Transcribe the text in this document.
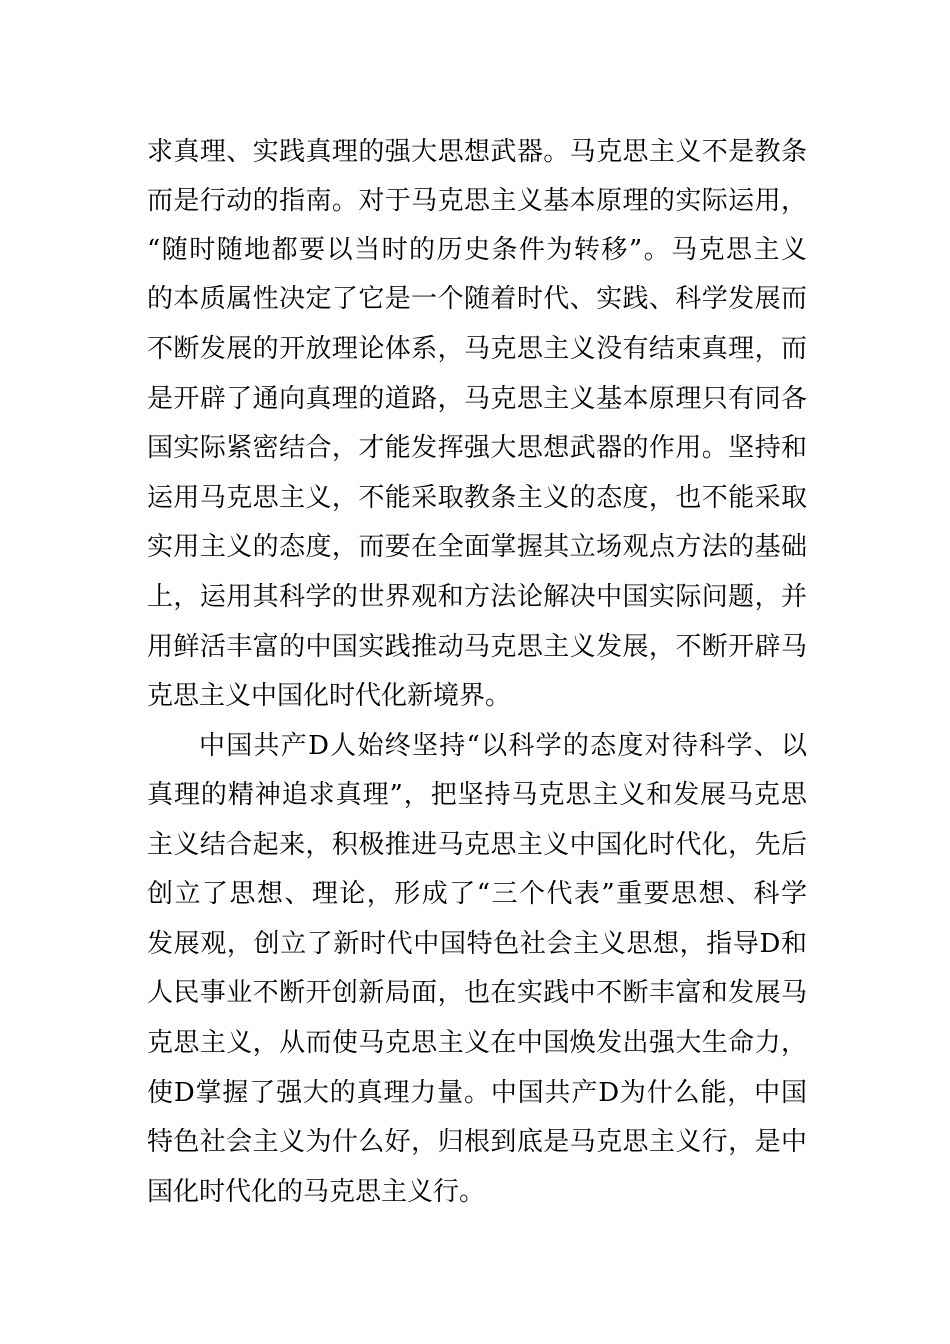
求真理、实践真理的强大思想武器。马克思主义不是教条
而是行动的指南。对于马克思主义基本原理的实际运用，
“随时随地都要以当时的历史条件为转移”。马克思主义
的本质属性决定了它是一个随着时代、实践、科学发展而
不断发展的开放理论体系，马克思主义没有结束真理，而
是开辟了通向真理的道路，马克思主义基本原理只有同各
国实际紧密结合，才能发挥强大思想武器的作用。坚持和
运用马克思主义，不能采取教条主义的态度，也不能采取
实用主义的态度，而要在全面掌握其立场观点方法的基础
上，运用其科学的世界观和方法论解决中国实际问题，并
用鲜活丰富的中国实践推动马克思主义发展，不断开辟马
克思主义中国化时代化新境界。
中国共产D人始终坚持“以科学的态度对待科学、以
真理的精神追求真理”，把坚持马克思主义和发展马克思
主义结合起来，积极推进马克思主义中国化时代化，先后
创立了思想、理论，形成了“三个代表”重要思想、科学
发展观，创立了新时代中国特色社会主义思想，指导D和
人民事业不断开创新局面，也在实践中不断丰富和发展马
克思主义，从而使马克思主义在中国焕发出强大生命力，
使D掌握了强大的真理力量。中国共产D为什么能，中国
特色社会主义为什么好，归根到底是马克思主义行，是中
国化时代化的马克思主义行。
